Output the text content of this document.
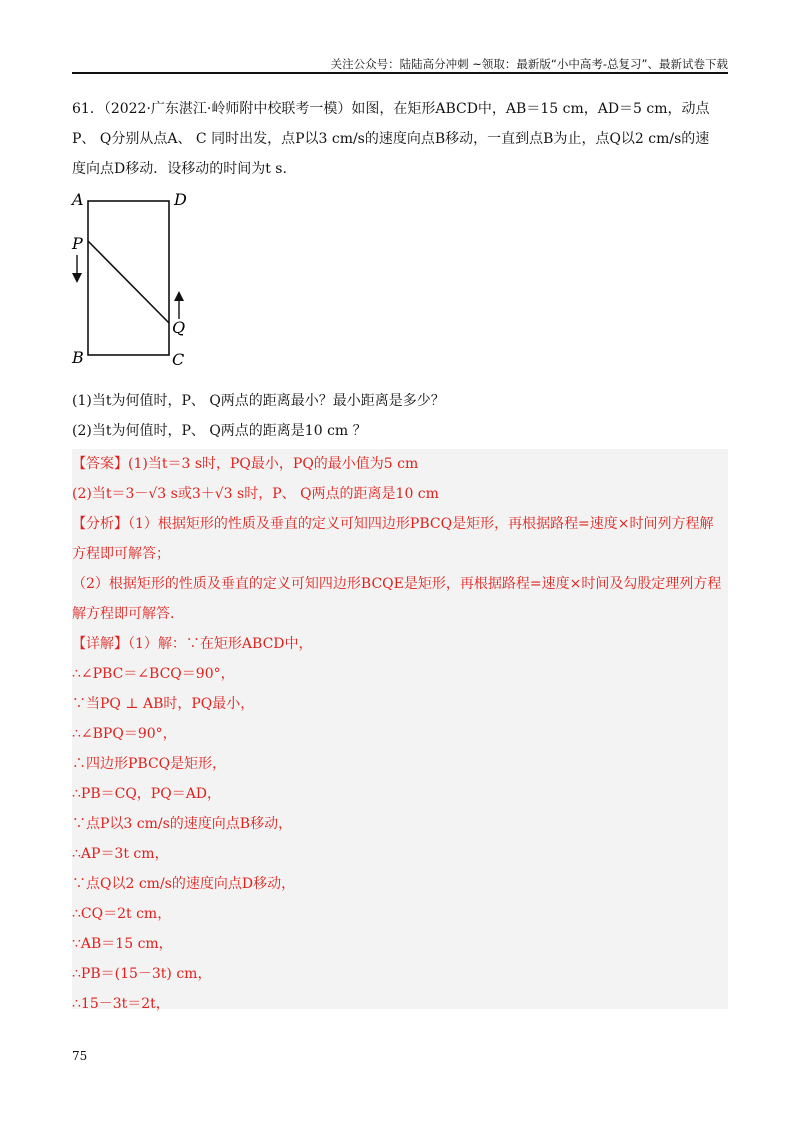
关注公众号：陆陆高分冲刺 ~领取：最新版“小中高考-总复习”、最新试卷下载

61．（2022·广东湛江·岭师附中校联考一模）如图，在矩形ABCD中，AB＝15 cm，AD＝5 cm，动点

P、 Q分别从点A、 C 同时出发，点P以3 cm/s的速度向点B移动，一直到点B为止，点Q以2 cm/s的速

度向点D移动．设移动的时间为t s.

A	D
P
Q
B	C

(1)当t为何值时，P、 Q两点的距离最小？最小距离是多少？

(2)当t为何值时，P、 Q两点的距离是10 cm ？

【答案】(1)当t＝3 s时，PQ最小，PQ的最小值为5 cm

(2)当t＝3－√3 s或3＋√3 s时，P、 Q两点的距离是10 cm

【分析】（1）根据矩形的性质及垂直的定义可知四边形PBCQ是矩形，再根据路程=速度×时间列方程解

方程即可解答；

（2）根据矩形的性质及垂直的定义可知四边形BCQE是矩形，再根据路程=速度×时间及勾股定理列方程

解方程即可解答．

【详解】（1）解：∵在矩形ABCD中，

∴∠PBC＝∠BCQ＝90°，

∵当PQ ⊥ AB时，PQ最小，

∴∠BPQ＝90°，

∴四边形PBCQ是矩形，

∴PB＝CQ，PQ＝AD，

∵点P以3 cm/s的速度向点B移动，

∴AP＝3t cm，

∵点Q以2 cm/s的速度向点D移动，

∴CQ＝2t cm，

∵AB＝15 cm，

∴PB＝(15－3t) cm，

∴15－3t＝2t，

75
